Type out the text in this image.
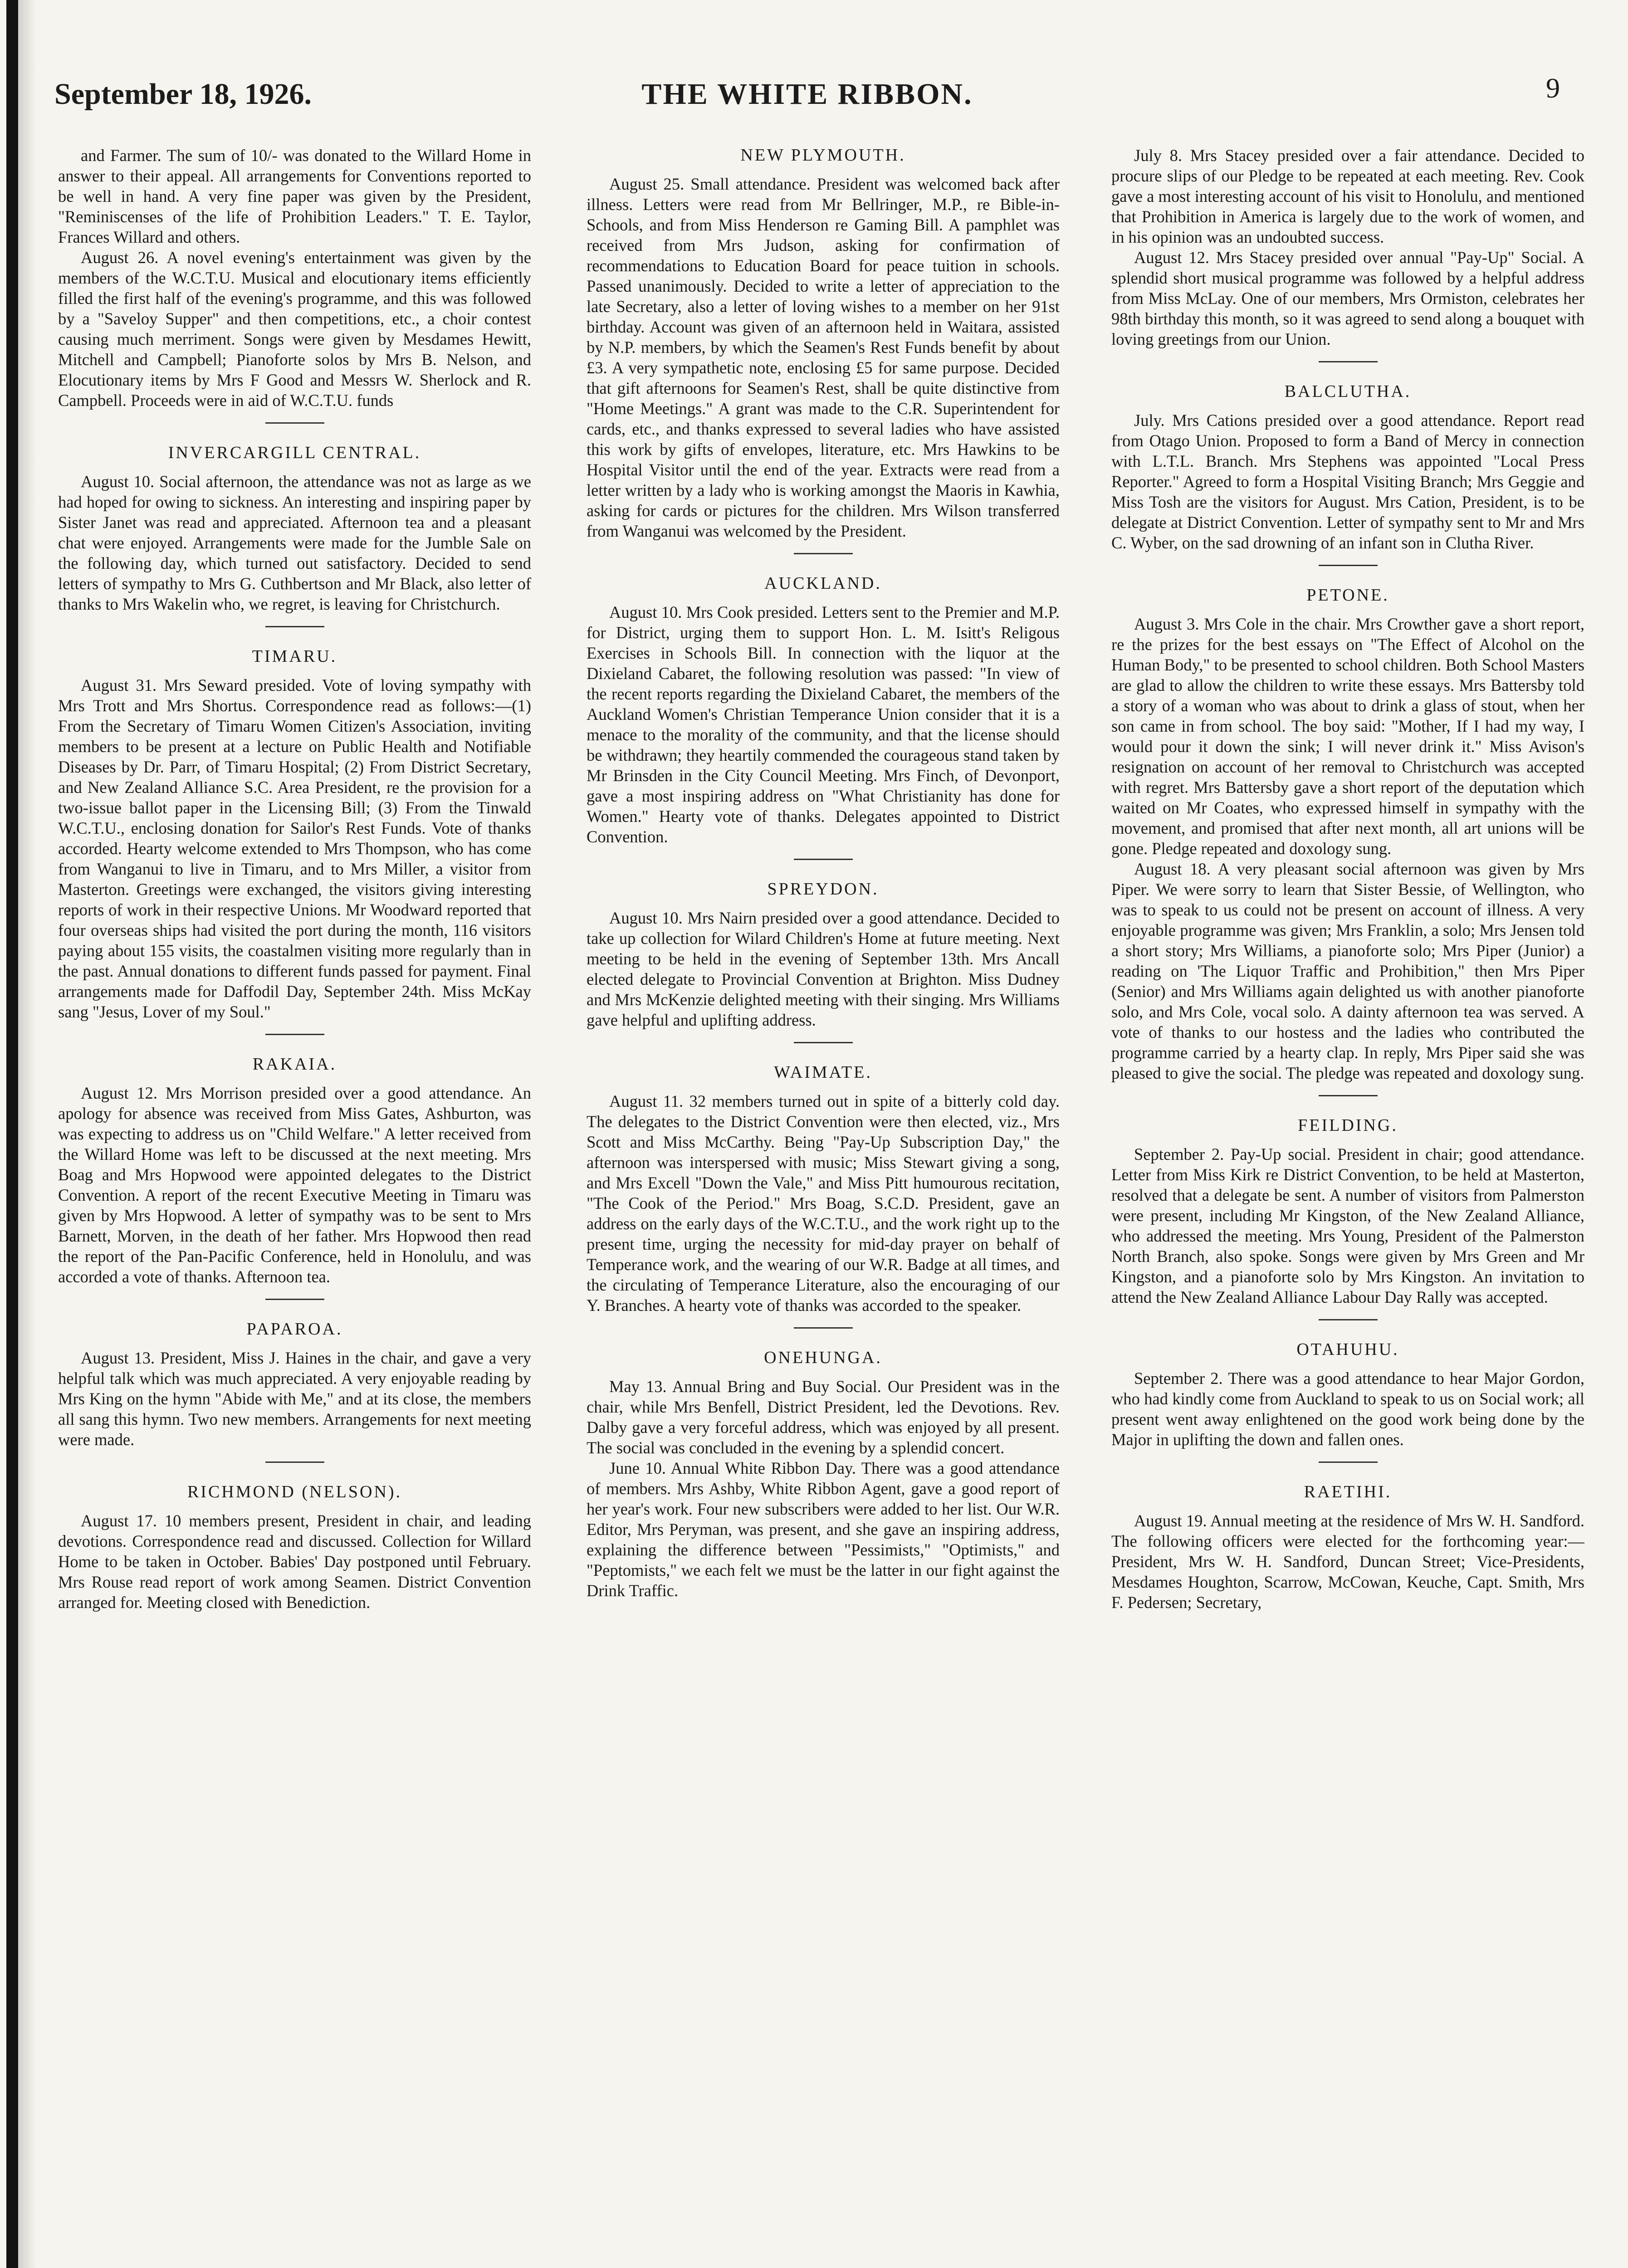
September 18, 1926.	THE WHITE RIBBON.	9

and Farmer. The sum of 10/- was donated to the Willard Home in answer to their appeal. All arrangements for Conventions reported to be well in hand. A very fine paper was given by the President, "Reminiscenses of the life of Prohibition Leaders." T. E. Taylor, Frances Willard and others.

August 26. A novel evening's entertainment was given by the members of the W.C.T.U. Musical and elocutionary items efficiently filled the first half of the evening's programme, and this was followed by a "Saveloy Supper" and then competitions, etc., a choir contest causing much merriment. Songs were given by Mesdames Hewitt, Mitchell and Campbell; Pianoforte solos by Mrs B. Nelson, and Elocutionary items by Mrs F Good and Messrs W. Sherlock and R. Campbell. Proceeds were in aid of W.C.T.U. funds

INVERCARGILL CENTRAL.

August 10. Social afternoon, the attendance was not as large as we had hoped for owing to sickness. An interesting and inspiring paper by Sister Janet was read and appreciated. Afternoon tea and a pleasant chat were enjoyed. Arrangements were made for the Jumble Sale on the following day, which turned out satisfactory. Decided to send letters of sympathy to Mrs G. Cuthbertson and Mr Black, also letter of thanks to Mrs Wakelin who, we regret, is leaving for Christchurch.

TIMARU.

August 31. Mrs Seward presided. Vote of loving sympathy with Mrs Trott and Mrs Shortus. Correspondence read as follows:—(1) From the Secretary of Timaru Women Citizen's Association, inviting members to be present at a lecture on Public Health and Notifiable Diseases by Dr. Parr, of Timaru Hospital; (2) From District Secretary, and New Zealand Alliance S.C. Area President, re the provision for a two-issue ballot paper in the Licensing Bill; (3) From the Tinwald W.C.T.U., enclosing donation for Sailor's Rest Funds. Vote of thanks accorded. Hearty welcome extended to Mrs Thompson, who has come from Wanganui to live in Timaru, and to Mrs Miller, a visitor from Masterton. Greetings were exchanged, the visitors giving interesting reports of work in their respective Unions. Mr Woodward reported that four overseas ships had visited the port during the month, 116 visitors paying about 155 visits, the coastalmen visiting more regularly than in the past. Annual donations to different funds passed for payment. Final arrangements made for Daffodil Day, September 24th. Miss McKay sang "Jesus, Lover of my Soul."

RAKAIA.

August 12. Mrs Morrison presided over a good attendance. An apology for absence was received from Miss Gates, Ashburton, was was expecting to address us on "Child Welfare." A letter received from the Willard Home was left to be discussed at the next meeting. Mrs Boag and Mrs Hopwood were appointed delegates to the District Convention. A report of the recent Executive Meeting in Timaru was given by Mrs Hopwood. A letter of sympathy was to be sent to Mrs Barnett, Morven, in the death of her father. Mrs Hopwood then read the report of the Pan-Pacific Conference, held in Honolulu, and was accorded a vote of thanks. Afternoon tea.

PAPAROA.

August 13. President, Miss J. Haines in the chair, and gave a very helpful talk which was much appreciated. A very enjoyable reading by Mrs King on the hymn "Abide with Me," and at its close, the members all sang this hymn. Two new members. Arrangements for next meeting were made.

RICHMOND (NELSON).

August 17. 10 members present, President in chair, and leading devotions. Correspondence read and discussed. Collection for Willard Home to be taken in October. Babies' Day postponed until February. Mrs Rouse read report of work among Seamen. District Convention arranged for. Meeting closed with Benediction.

NEW PLYMOUTH.

August 25. Small attendance. President was welcomed back after illness. Letters were read from Mr Bellringer, M.P., re Bible-in-Schools, and from Miss Henderson re Gaming Bill. A pamphlet was received from Mrs Judson, asking for confirmation of recommendations to Education Board for peace tuition in schools. Passed unanimously. Decided to write a letter of appreciation to the late Secretary, also a letter of loving wishes to a member on her 91st birthday. Account was given of an afternoon held in Waitara, assisted by N.P. members, by which the Seamen's Rest Funds benefit by about £3. A very sympathetic note, enclosing £5 for same purpose. Decided that gift afternoons for Seamen's Rest, shall be quite distinctive from "Home Meetings." A grant was made to the C.R. Superintendent for cards, etc., and thanks expressed to several ladies who have assisted this work by gifts of envelopes, literature, etc. Mrs Hawkins to be Hospital Visitor until the end of the year. Extracts were read from a letter written by a lady who is working amongst the Maoris in Kawhia, asking for cards or pictures for the children. Mrs Wilson transferred from Wanganui was welcomed by the President.

AUCKLAND.

August 10. Mrs Cook presided. Letters sent to the Premier and M.P. for District, urging them to support Hon. L. M. Isitt's Religous Exercises in Schools Bill. In connection with the liquor at the Dixieland Cabaret, the following resolution was passed: "In view of the recent reports regarding the Dixieland Cabaret, the members of the Auckland Women's Christian Temperance Union consider that it is a menace to the morality of the community, and that the license should be withdrawn; they heartily commended the courageous stand taken by Mr Brinsden in the City Council Meeting. Mrs Finch, of Devonport, gave a most inspiring address on "What Christianity has done for Women." Hearty vote of thanks. Delegates appointed to District Convention.

SPREYDON.

August 10. Mrs Nairn presided over a good attendance. Decided to take up collection for Wilard Children's Home at future meeting. Next meeting to be held in the evening of September 13th. Mrs Ancall elected delegate to Provincial Convention at Brighton. Miss Dudney and Mrs McKenzie delighted meeting with their singing. Mrs Williams gave helpful and uplifting address.

WAIMATE.

August 11. 32 members turned out in spite of a bitterly cold day. The delegates to the District Convention were then elected, viz., Mrs Scott and Miss McCarthy. Being "Pay-Up Subscription Day," the afternoon was interspersed with music; Miss Stewart giving a song, and Mrs Excell "Down the Vale," and Miss Pitt humourous recitation, "The Cook of the Period." Mrs Boag, S.C.D. President, gave an address on the early days of the W.C.T.U., and the work right up to the present time, urging the necessity for mid-day prayer on behalf of Temperance work, and the wearing of our W.R. Badge at all times, and the circulating of Temperance Literature, also the encouraging of our Y. Branches. A hearty vote of thanks was accorded to the speaker.

ONEHUNGA.

May 13. Annual Bring and Buy Social. Our President was in the chair, while Mrs Benfell, District President, led the Devotions. Rev. Dalby gave a very forceful address, which was enjoyed by all present. The social was concluded in the evening by a splendid concert.

June 10. Annual White Ribbon Day. There was a good attendance of members. Mrs Ashby, White Ribbon Agent, gave a good report of her year's work. Four new subscribers were added to her list. Our W.R. Editor, Mrs Peryman, was present, and she gave an inspiring address, explaining the difference between "Pessimists," "Optimists," and "Peptomists," we each felt we must be the latter in our fight against the Drink Traffic.

July 8. Mrs Stacey presided over a fair attendance. Decided to procure slips of our Pledge to be repeated at each meeting. Rev. Cook gave a most interesting account of his visit to Honolulu, and mentioned that Prohibition in America is largely due to the work of women, and in his opinion was an undoubted success.

August 12. Mrs Stacey presided over annual "Pay-Up" Social. A splendid short musical programme was followed by a helpful address from Miss McLay. One of our members, Mrs Ormiston, celebrates her 98th birthday this month, so it was agreed to send along a bouquet with loving greetings from our Union.

BALCLUTHA.

July. Mrs Cations presided over a good attendance. Report read from Otago Union. Proposed to form a Band of Mercy in connection with L.T.L. Branch. Mrs Stephens was appointed "Local Press Reporter." Agreed to form a Hospital Visiting Branch; Mrs Geggie and Miss Tosh are the visitors for August. Mrs Cation, President, is to be delegate at District Convention. Letter of sympathy sent to Mr and Mrs C. Wyber, on the sad drowning of an infant son in Clutha River.

PETONE.

August 3. Mrs Cole in the chair. Mrs Crowther gave a short report, re the prizes for the best essays on "The Effect of Alcohol on the Human Body," to be presented to school children. Both School Masters are glad to allow the children to write these essays. Mrs Battersby told a story of a woman who was about to drink a glass of stout, when her son came in from school. The boy said: "Mother, If I had my way, I would pour it down the sink; I will never drink it." Miss Avison's resignation on account of her removal to Christchurch was accepted with regret. Mrs Battersby gave a short report of the deputation which waited on Mr Coates, who expressed himself in sympathy with the movement, and promised that after next month, all art unions will be gone. Pledge repeated and doxology sung.

August 18. A very pleasant social afternoon was given by Mrs Piper. We were sorry to learn that Sister Bessie, of Wellington, who was to speak to us could not be present on account of illness. A very enjoyable programme was given; Mrs Franklin, a solo; Mrs Jensen told a short story; Mrs Williams, a pianoforte solo; Mrs Piper (Junior) a reading on 'The Liquor Traffic and Prohibition," then Mrs Piper (Senior) and Mrs Williams again delighted us with another pianoforte solo, and Mrs Cole, vocal solo. A dainty afternoon tea was served. A vote of thanks to our hostess and the ladies who contributed the programme carried by a hearty clap. In reply, Mrs Piper said she was pleased to give the social. The pledge was repeated and doxology sung.

FEILDING.

September 2. Pay-Up social. President in chair; good attendance. Letter from Miss Kirk re District Convention, to be held at Masterton, resolved that a delegate be sent. A number of visitors from Palmerston were present, including Mr Kingston, of the New Zealand Alliance, who addressed the meeting. Mrs Young, President of the Palmerston North Branch, also spoke. Songs were given by Mrs Green and Mr Kingston, and a pianoforte solo by Mrs Kingston. An invitation to attend the New Zealand Alliance Labour Day Rally was accepted.

OTAHUHU.

September 2. There was a good attendance to hear Major Gordon, who had kindly come from Auckland to speak to us on Social work; all present went away enlightened on the good work being done by the Major in uplifting the down and fallen ones.

RAETIHI.

August 19. Annual meeting at the residence of Mrs W. H. Sandford. The following officers were elected for the forthcoming year:—President, Mrs W. H. Sandford, Duncan Street; Vice-Presidents, Mesdames Houghton, Scarrow, McCowan, Keuche, Capt. Smith, Mrs F. Pedersen; Secretary,
